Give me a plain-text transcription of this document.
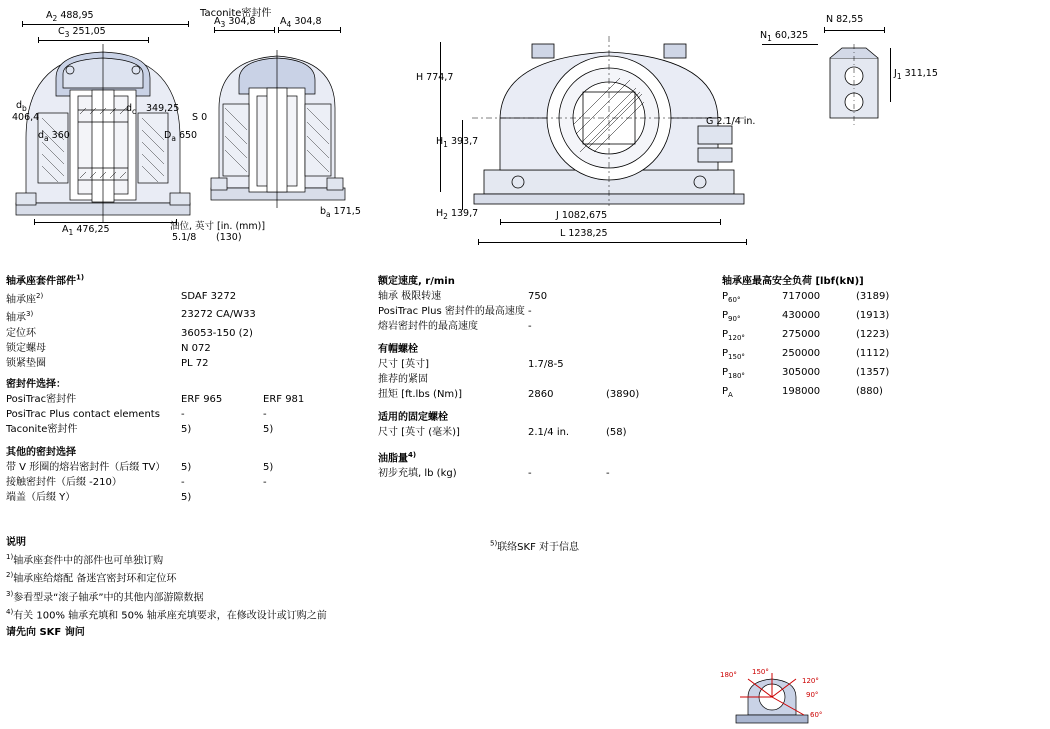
$A_2$ 488,95
$C_3$ 251,05
$d_b$
406,4
$d_a$ 360
$d_c$ 349,25
$D_a$ 650
$A_1$ 476,25
Taconite密封件
$A_3$ 304,8	$A_4$ 304,8
S 0
$b_a$ 171,5
油位, 英寸 [in. (mm)]
5.1/8 (130)
H 774,7
$H_1$ 393,7
$H_2$ 139,7
G 2.1/4 in.
J 1082,675
L 1238,25
N 82,55
$N_1$ 60,325
$J_1$ 311,15
轴承座套件部件$^{1)}$
轴承座$^{2)}$	SDAF 3272	
轴承$^{3)}$	23272 CA/W33	
定位环	36053-150 (2)	
锁定螺母	N 072	
锁紧垫圈	PL 72	
密封件选择：		
PosiTrac密封件	ERF 965	ERF 981
PosiTrac Plus contact elements	-	-
Taconite密封件	5)	5)
其他的密封选择		
带 V 形圈的熔岩密封件（后缀 TV）	5)	5)
接触密封件（后缀 -210）	-	-
端盖（后缀 Y）	5)	
额定速度, r/min
轴承 极限转速	750	
PosiTrac Plus 密封件的最高速度	-	
熔岩密封件的最高速度	-	
有帽螺栓		
尺寸 [英寸]	1.7/8-5	
推荐的紧固		
扭矩 [ft.lbs (Nm)]	2860	(3890)
适用的固定螺栓		
尺寸 [英寸 (毫米)]	2.1/4 in.	(58)
油脂量$^{4)}$		
初步充填, lb (kg)	-	-
轴承座最高安全负荷 [lbf(kN)]
$P_{60^\circ}$	717000	(3189)
$P_{90^\circ}$	430000	(1913)
$P_{120^\circ}$	275000	(1223)
$P_{150^\circ}$	250000	(1112)
$P_{180^\circ}$	305000	(1357)
$P_A$	198000	(880)
180° 150°
120°
90°
60°
说明
$^{1)}$轴承座套件中的部件也可单独订购
$^{2)}$轴承座给熔配 备迷宫密封环和定位环
$^{3)}$参看型录“滚子轴承”中的其他内部游隙数据
$^{4)}$有关 100% 轴承充填和 50% 轴承座充填要求，在修改设计或订购之前
请先向 SKF 询问
$^{5)}$联络SKF 对于信息
